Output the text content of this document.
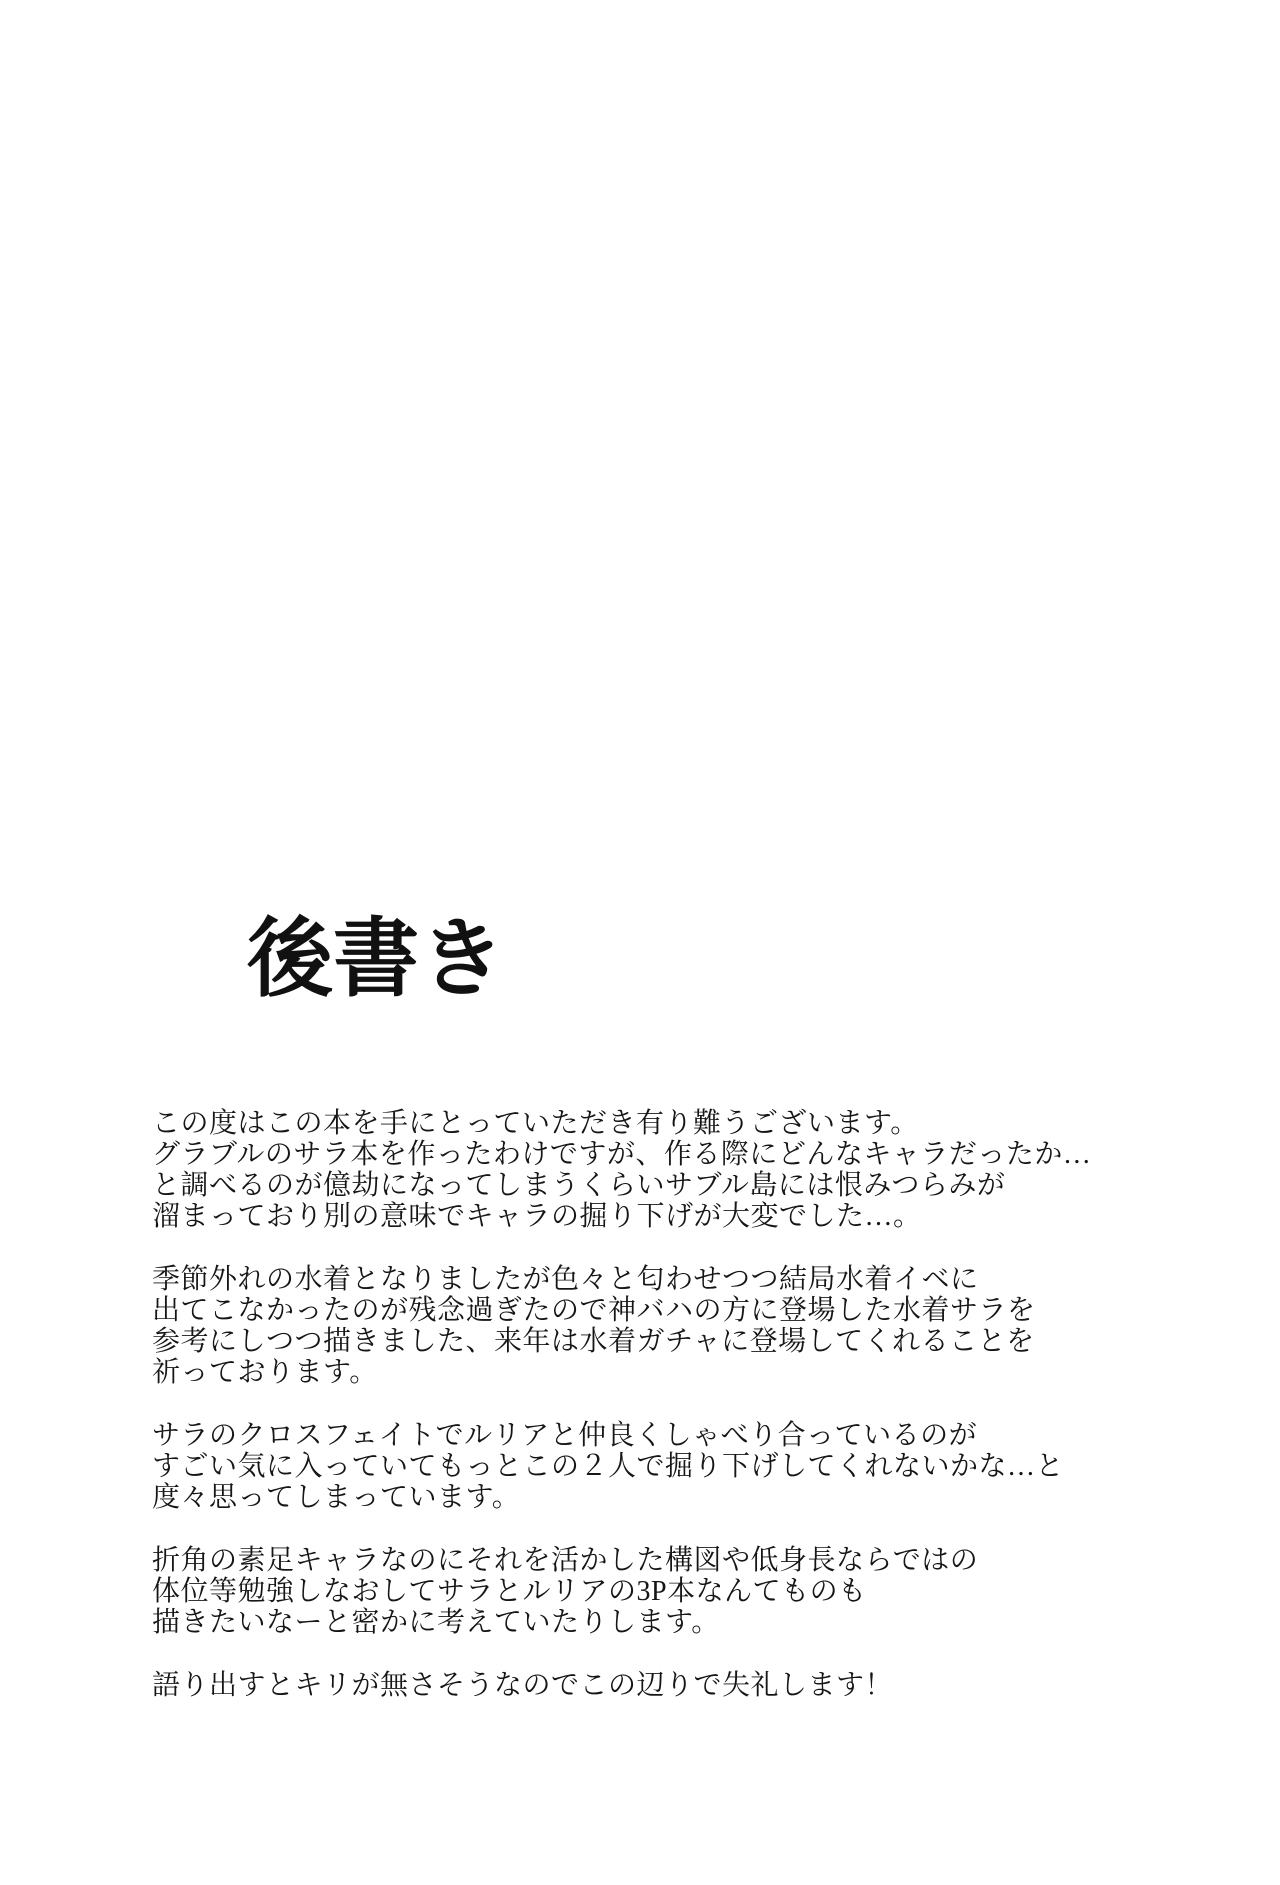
後書き
この度はこの本を手にとっていただき有り難うございます。
グラブルのサラ本を作ったわけですが、作る際にどんなキャラだったか…
と調べるのが億劫になってしまうくらいサブル島には恨みつらみが
溜まっており別の意味でキャラの掘り下げが大変でした…。
季節外れの水着となりましたが色々と匂わせつつ結局水着イベに
出てこなかったのが残念過ぎたので神バハの方に登場した水着サラを
参考にしつつ描きました、来年は水着ガチャに登場してくれることを
祈っております。
サラのクロスフェイトでルリアと仲良くしゃべり合っているのが
すごい気に入っていてもっとこの２人で掘り下げしてくれないかな…と
度々思ってしまっています。
折角の素足キャラなのにそれを活かした構図や低身長ならではの
体位等勉強しなおしてサラとルリアの3P本なんてものも
描きたいなーと密かに考えていたりします。
語り出すとキリが無さそうなのでこの辺りで失礼します！
